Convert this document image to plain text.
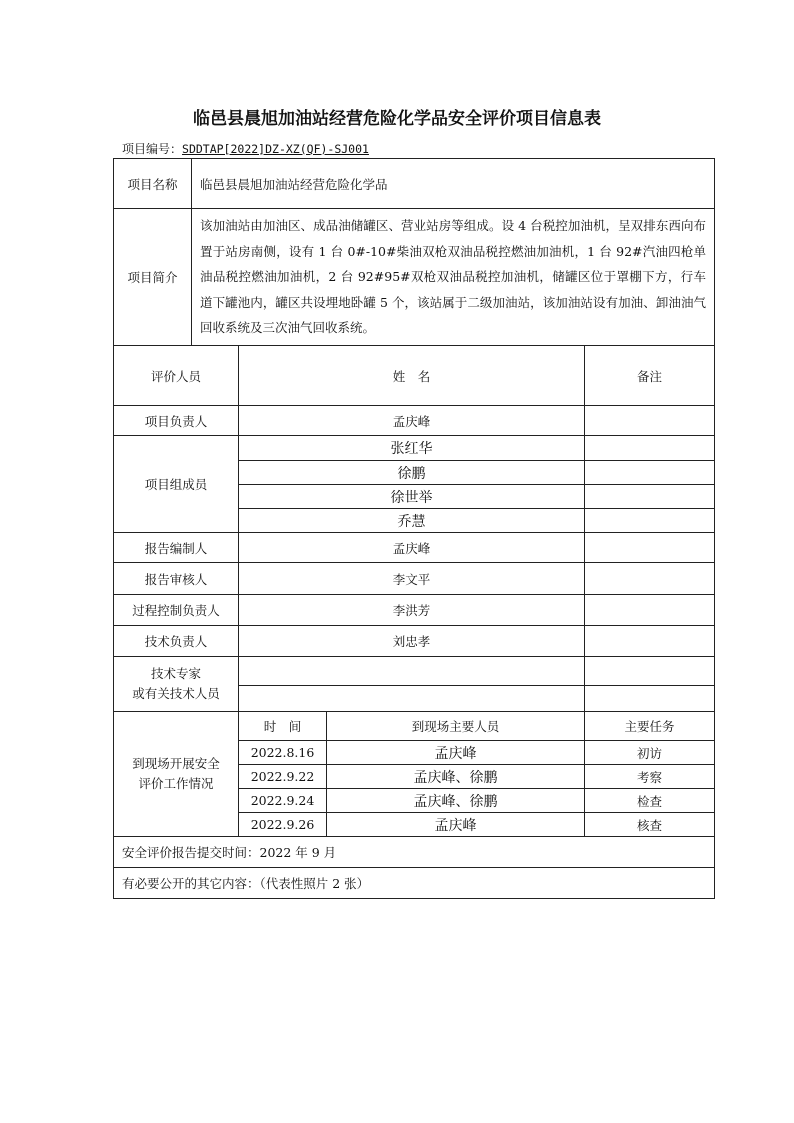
临邑县晨旭加油站经营危险化学品安全评价项目信息表
项目编号：SDDTAP[2022]DZ-XZ(QF)-SJ001
项目名称	临邑县晨旭加油站经营危险化学品			
项目简介	该加油站由加油区、成品油储罐区、营业站房等组成。设 4 台税控加油机，呈双排东西向布置于站房南侧，设有 1 台 0#-10#柴油双枪双油品税控燃油加油机，1 台 92#汽油四枪单油品税控燃油加油机，2 台 92#95#双枪双油品税控加油机，储罐区位于罩棚下方，行车道下罐池内，罐区共设埋地卧罐 5 个，该站属于二级加油站，该加油站设有加油、卸油油气回收系统及三次油气回收系统。			
评价人员		姓　名		备注
项目负责人		孟庆峰		
项目组成员		张红华		
		徐鹏		
		徐世举		
		乔慧		
报告编制人		孟庆峰		
报告审核人		李文平		
过程控制负责人		李洪芳		
技术负责人		刘忠孝		

技术专家
或有关技术人员				

到现场开展安全
评价工作情况		时　间	到现场主要人员	主要任务
		2022.8.16	孟庆峰	初访
		2022.9.22	孟庆峰、徐鹏	考察
		2022.9.24	孟庆峰、徐鹏	检查
		2022.9.26	孟庆峰	核查
安全评价报告提交时间：2022 年 9 月				
有必要公开的其它内容：（代表性照片 2 张）				
